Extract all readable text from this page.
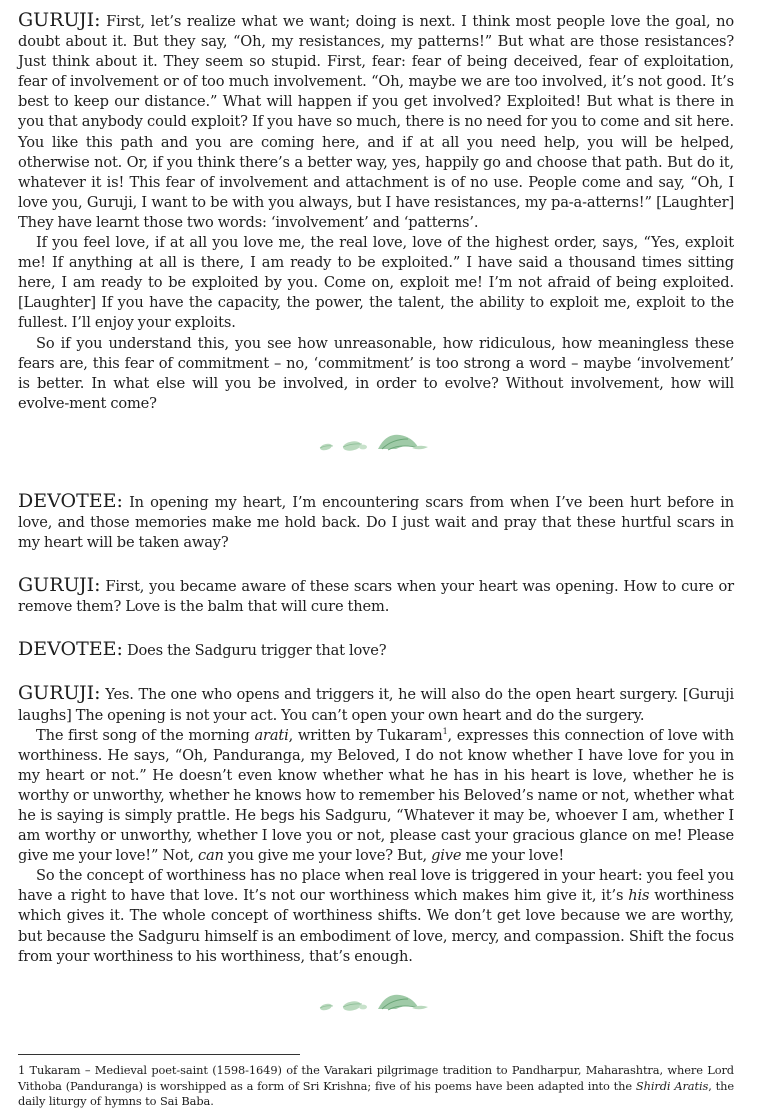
GURUJI: First, let’s realize what we want; doing is next. I think most people love the goal, no doubt about it. But they say, “Oh, my resistances, my patterns!” But what are those resistances? Just think about it. They seem so stupid. First, fear: fear of being deceived, fear of exploitation, fear of involvement or of too much involvement. “Oh, maybe we are too involved, it’s not good. It’s best to keep our distance.” What will happen if you get involved? Exploited! But what is there in you that anybody could exploit? If you have so much, there is no need for you to come and sit here. You like this path and you are coming here, and if at all you need help, you will be helped, otherwise not. Or, if you think there’s a better way, yes, happily go and choose that path. But do it, whatever it is! This fear of involvement and attachment is of no use. People come and say, “Oh, I love you, Guruji, I want to be with you always, but I have resistances, my pa-a-atterns!” [Laughter] They have learnt those two words: ‘involvement’ and ‘patterns’.

If you feel love, if at all you love me, the real love, love of the highest order, says, “Yes, exploit me! If anything at all is there, I am ready to be exploited.” I have said a thousand times sitting here, I am ready to be exploited by you. Come on, exploit me! I’m not afraid of being exploited. [Laughter] If you have the capacity, the power, the talent, the ability to exploit me, exploit to the fullest. I’ll enjoy your exploits.

So if you understand this, you see how unreasonable, how ridiculous, how meaningless these fears are, this fear of commitment – no, ‘commitment’ is too strong a word – maybe ‘involvement’ is better. In what else will you be involved, in order to evolve? Without involvement, how will evolve-ment come?

DEVOTEE: In opening my heart, I’m encountering scars from when I’ve been hurt before in love, and those memories make me hold back. Do I just wait and pray that these hurtful scars in my heart will be taken away?

GURUJI: First, you became aware of these scars when your heart was opening. How to cure or remove them? Love is the balm that will cure them.

DEVOTEE: Does the Sadguru trigger that love?

GURUJI: Yes. The one who opens and triggers it, he will also do the open heart surgery. [Guruji laughs] The opening is not your act. You can’t open your own heart and do the surgery.

The first song of the morning arati, written by Tukaram$^1$, expresses this connection of love with worthiness. He says, “Oh, Panduranga, my Beloved, I do not know whether I have love for you in my heart or not.” He doesn’t even know whether what he has in his heart is love, whether he is worthy or unworthy, whether he knows how to remember his Beloved’s name or not, whether what he is saying is simply prattle. He begs his Sadguru, “Whatever it may be, whoever I am, whether I am worthy or unworthy, whether I love you or not, please cast your gracious glance on me! Please give me your love!” Not, can you give me your love? But, give me your love!

So the concept of worthiness has no place when real love is triggered in your heart: you feel you have a right to have that love. It’s not our worthiness which makes him give it, it’s his worthiness which gives it. The whole concept of worthiness shifts. We don’t get love because we are worthy, but because the Sadguru himself is an embodiment of love, mercy, and compassion. Shift the focus from your worthiness to his worthiness, that’s enough.

1 Tukaram – Medieval poet-saint (1598-1649) of the Varakari pilgrimage tradition to Pandharpur, Maharashtra, where Lord Vithoba (Panduranga) is worshipped as a form of Sri Krishna; five of his poems have been adapted into the Shirdi Aratis, the daily liturgy of hymns to Sai Baba.
